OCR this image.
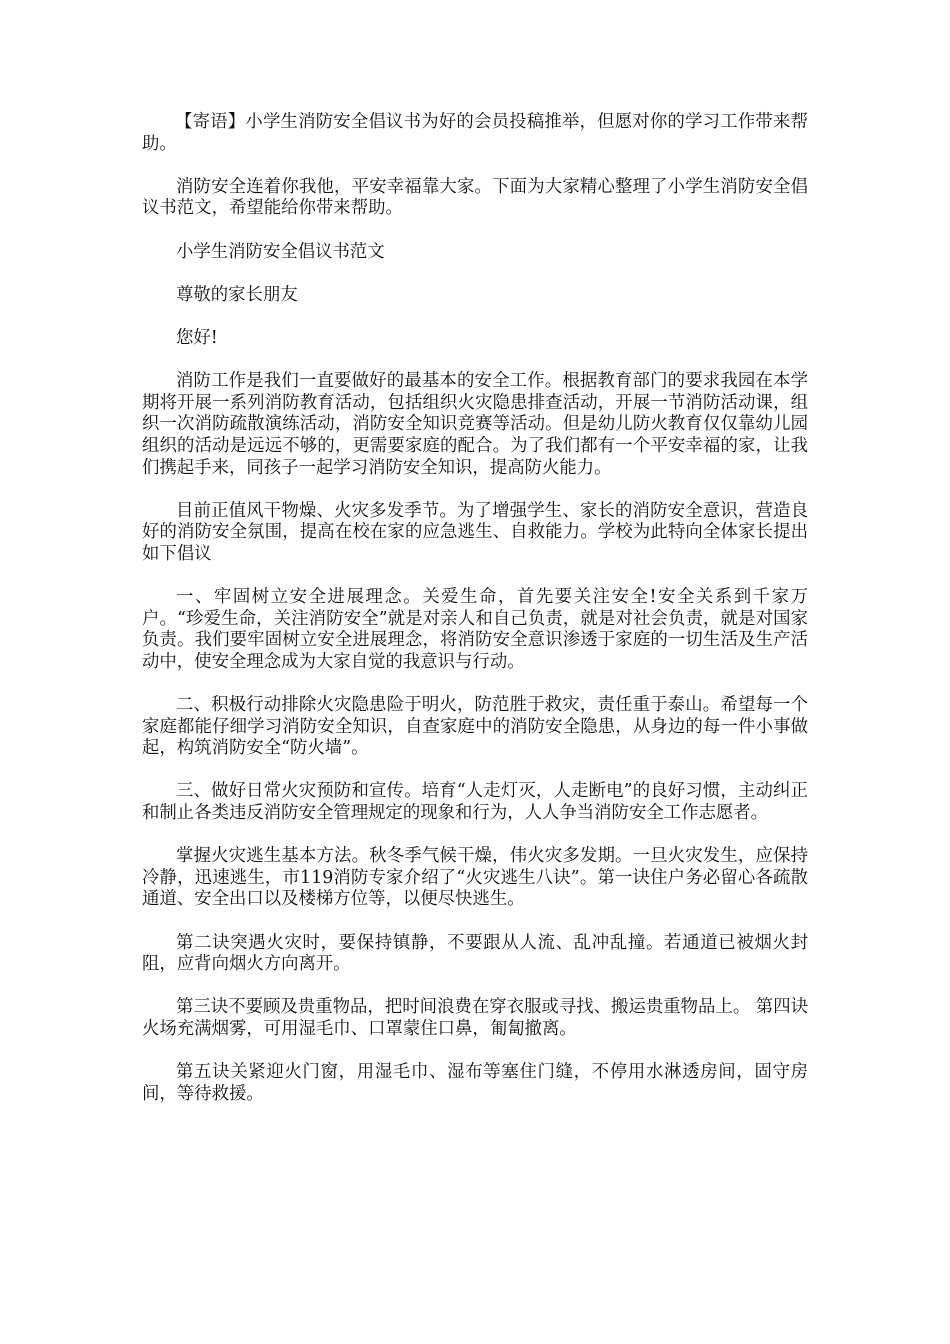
【寄语】小学生消防安全倡议书为好的会员投稿推举，但愿对你的学习工作带来帮助。

消防安全连着你我他，平安幸福靠大家。下面为大家精心整理了小学生消防安全倡议书范文，希望能给你带来帮助。

小学生消防安全倡议书范文

尊敬的家长朋友

您好!

消防工作是我们一直要做好的最基本的安全工作。根据教育部门的要求我园在本学期将开展一系列消防教育活动，包括组织火灾隐患排查活动，开展一节消防活动课，组织一次消防疏散演练活动，消防安全知识竞赛等活动。但是幼儿防火教育仅仅靠幼儿园组织的活动是远远不够的，更需要家庭的配合。为了我们都有一个平安幸福的家，让我们携起手来，同孩子一起学习消防安全知识，提高防火能力。

目前正值风干物燥、火灾多发季节。为了增强学生、家长的消防安全意识，营造良好的消防安全氛围，提高在校在家的应急逃生、自救能力。学校为此特向全体家长提出如下倡议

一、牢固树立安全进展理念。关爱生命，首先要关注安全!安全关系到千家万户。“珍爱生命，关注消防安全”就是对亲人和自己负责，就是对社会负责，就是对国家负责。我们要牢固树立安全进展理念，将消防安全意识渗透于家庭的一切生活及生产活动中，使安全理念成为大家自觉的我意识与行动。

二、积极行动排除火灾隐患险于明火，防范胜于救灾，责任重于泰山。希望每一个家庭都能仔细学习消防安全知识，自查家庭中的消防安全隐患，从身边的每一件小事做起，构筑消防安全“防火墙”。

三、做好日常火灾预防和宣传。培育“人走灯灭，人走断电”的良好习惯，主动纠正和制止各类违反消防安全管理规定的现象和行为，人人争当消防安全工作志愿者。

掌握火灾逃生基本方法。秋冬季气候干燥，伟火灾多发期。一旦火灾发生，应保持冷静，迅速逃生，市119消防专家介绍了“火灾逃生八诀”。第一诀住户务必留心各疏散通道、安全出口以及楼梯方位等，以便尽快逃生。

第二诀突遇火灾时，要保持镇静，不要跟从人流、乱冲乱撞。若通道已被烟火封阻，应背向烟火方向离开。

第三诀不要顾及贵重物品，把时间浪费在穿衣服或寻找、搬运贵重物品上。 第四诀火场充满烟雾，可用湿毛巾、口罩蒙住口鼻，匍匐撤离。

第五诀关紧迎火门窗，用湿毛巾、湿布等塞住门缝，不停用水淋透房间，固守房间，等待救援。
